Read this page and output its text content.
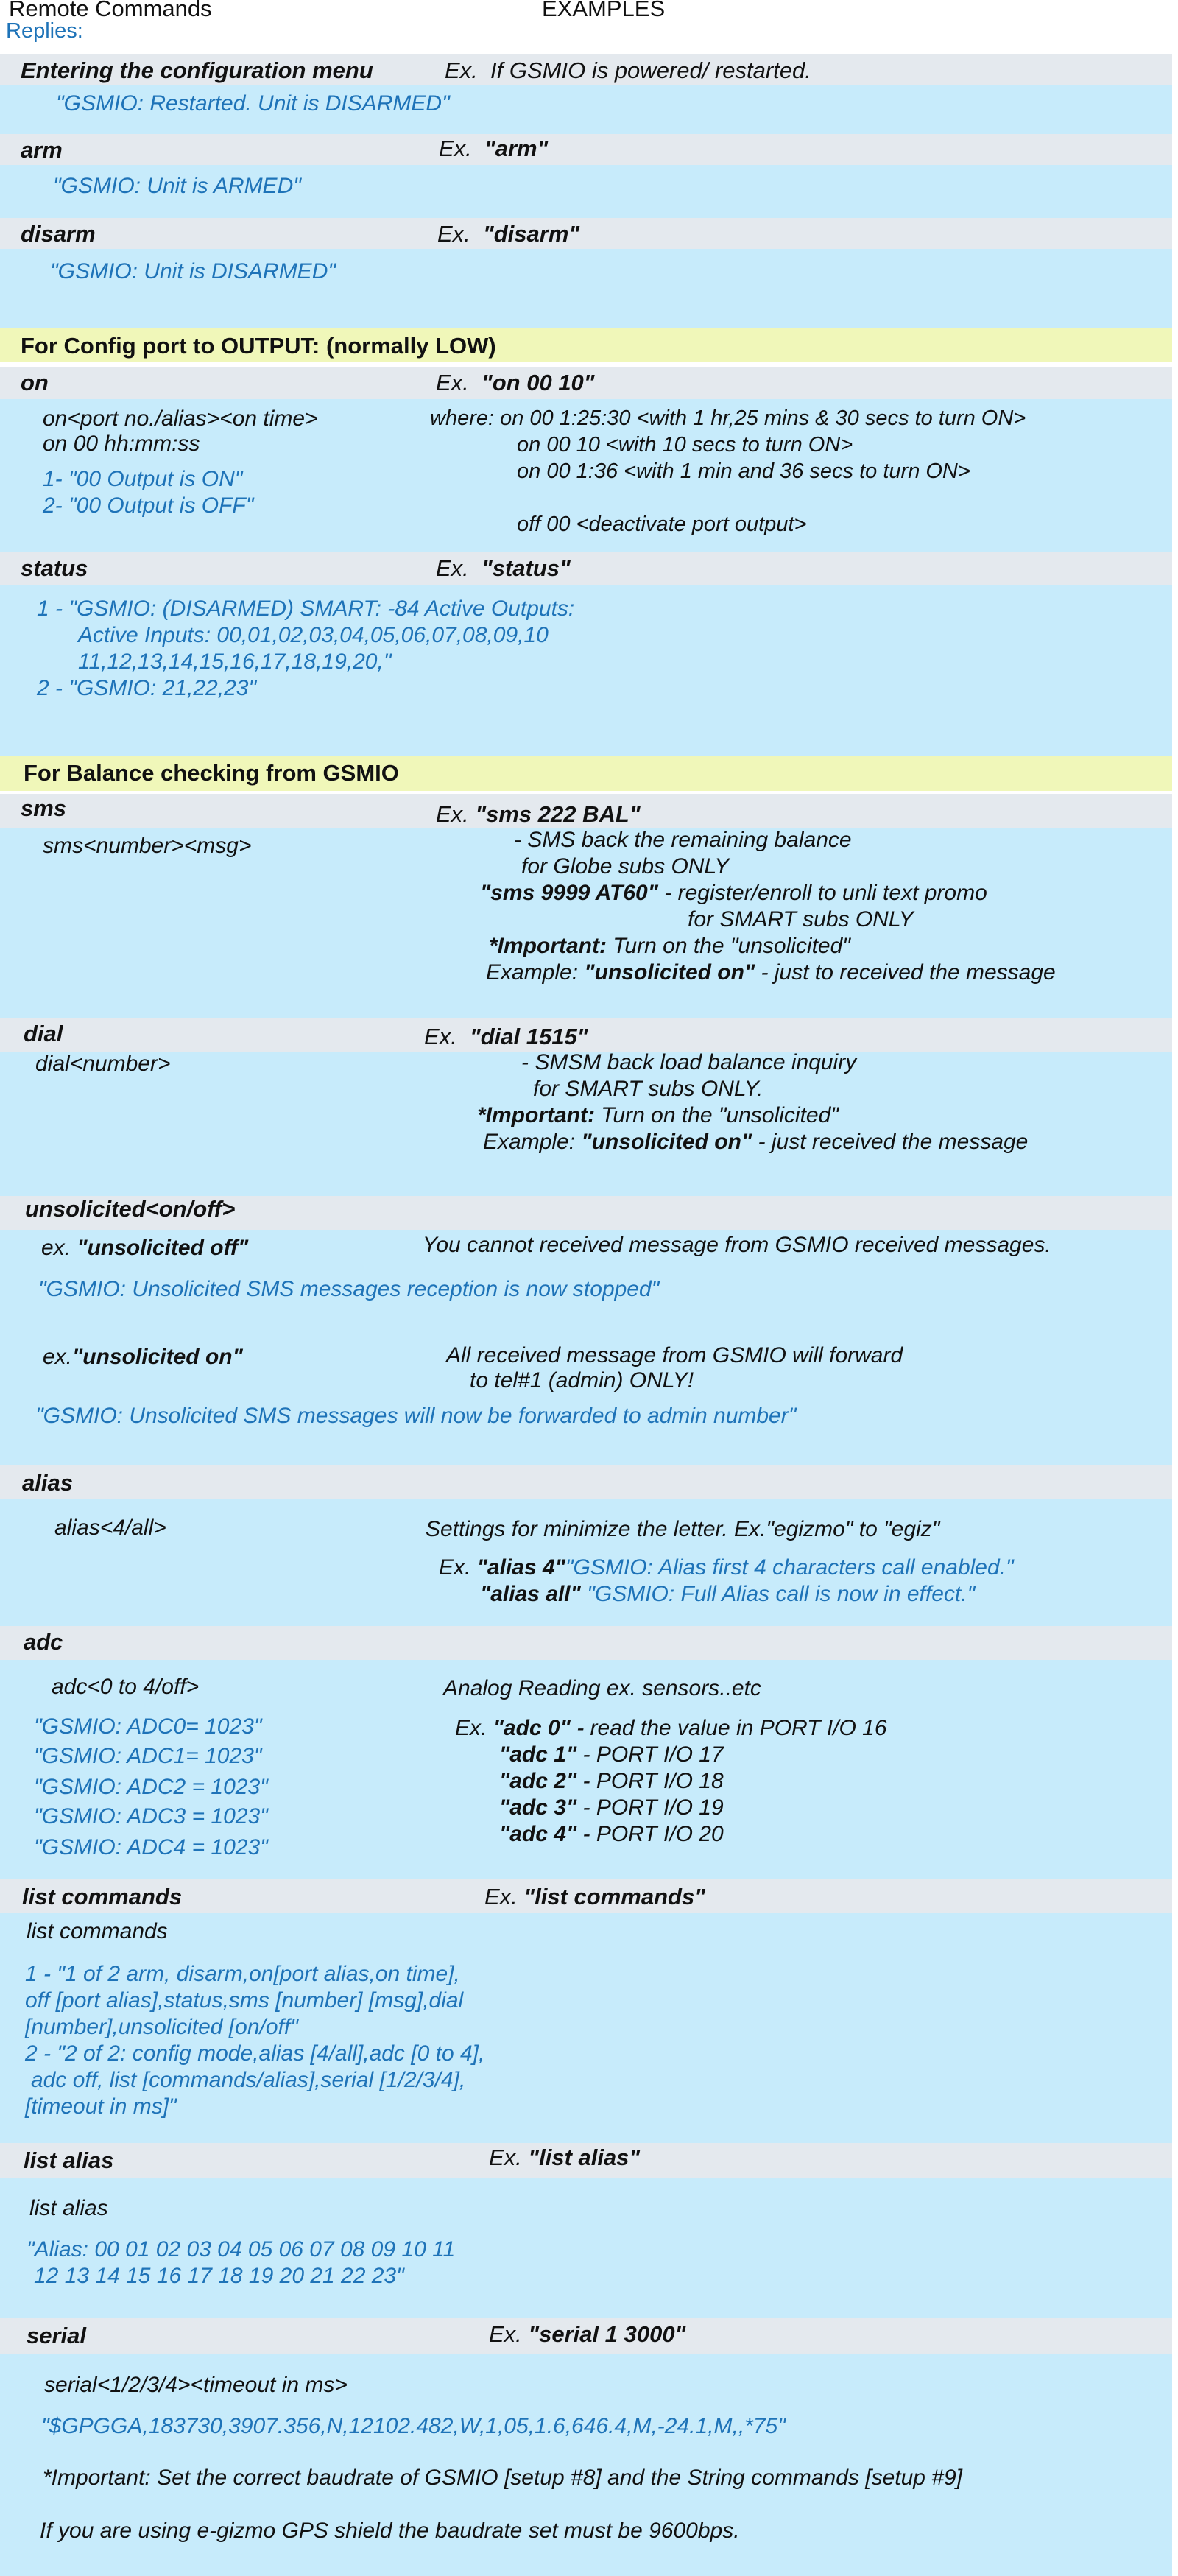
Remote Commands	EXAMPLES
Replies:
Entering the configuration menu	Ex. If GSMIO is powered/ restarted.
"GSMIO: Restarted. Unit is DISARMED"
arm	Ex. "arm"
"GSMIO: Unit is ARMED"
disarm	Ex. "disarm"
"GSMIO: Unit is DISARMED"
For Config port to OUTPUT: (normally LOW)
on	Ex. "on 00 10"
on<port no./alias><on time>
on 00 hh:mm:ss
1- "00 Output is ON"
2- "00 Output is OFF"
where: on 00 1:25:30 <with 1 hr,25 mins & 30 secs to turn ON>
on 00 10 <with 10 secs to turn ON>
on 00 1:36 <with 1 min and 36 secs to turn ON>
off 00 <deactivate port output>
status	Ex. "status"
1 - "GSMIO: (DISARMED) SMART: -84 Active Outputs:
Active Inputs: 00,01,02,03,04,05,06,07,08,09,10
11,12,13,14,15,16,17,18,19,20,"
2 - "GSMIO: 21,22,23"
For Balance checking from GSMIO
sms	Ex. "sms 222 BAL"
sms<number><msg>	- SMS back the remaining balance
for Globe subs ONLY
"sms 9999 AT60" - register/enroll to unli text promo
for SMART subs ONLY
*Important: Turn on the "unsolicited"
Example: "unsolicited on" - just to received the message
dial	Ex. "dial 1515"
dial<number>	- SMSM back load balance inquiry
for SMART subs ONLY.
*Important: Turn on the "unsolicited"
Example: "unsolicited on" - just received the message
unsolicited<on/off>
ex. "unsolicited off"	You cannot received message from GSMIO received messages.
"GSMIO: Unsolicited SMS messages reception is now stopped"
ex."unsolicited on"	All received message from GSMIO will forward
to tel#1 (admin) ONLY!
"GSMIO: Unsolicited SMS messages will now be forwarded to admin number"
alias
alias<4/all>	Settings for minimize the letter. Ex."egizmo" to "egiz"
Ex. "alias 4""GSMIO: Alias first 4 characters call enabled."
"alias all" "GSMIO: Full Alias call is now in effect."
adc
adc<0 to 4/off>	Analog Reading ex. sensors..etc
"GSMIO: ADC0= 1023"
"GSMIO: ADC1= 1023"
"GSMIO: ADC2 = 1023"
"GSMIO: ADC3 = 1023"
"GSMIO: ADC4 = 1023"
Ex. "adc 0" - read the value in PORT I/O 16
"adc 1" - PORT I/O 17
"adc 2" - PORT I/O 18
"adc 3" - PORT I/O 19
"adc 4" - PORT I/O 20
list commands	Ex. "list commands"
list commands
1 - "1 of 2 arm, disarm,on[port alias,on time],
off [port alias],status,sms [number] [msg],dial
[number],unsolicited [on/off"
2 - "2 of 2: config mode,alias [4/all],adc [0 to 4],
adc off, list [commands/alias],serial [1/2/3/4],
[timeout in ms]"
list alias	Ex. "list alias"
list alias
"Alias: 00 01 02 03 04 05 06 07 08 09 10 11
12 13 14 15 16 17 18 19 20 21 22 23"
serial	Ex. "serial 1 3000"
serial<1/2/3/4><timeout in ms>
"$GPGGA,183730,3907.356,N,12102.482,W,1,05,1.6,646.4,M,-24.1,M,,*75"
*Important: Set the correct baudrate of GSMIO [setup #8] and the String commands [setup #9]
If you are using e-gizmo GPS shield the baudrate set must be 9600bps.
